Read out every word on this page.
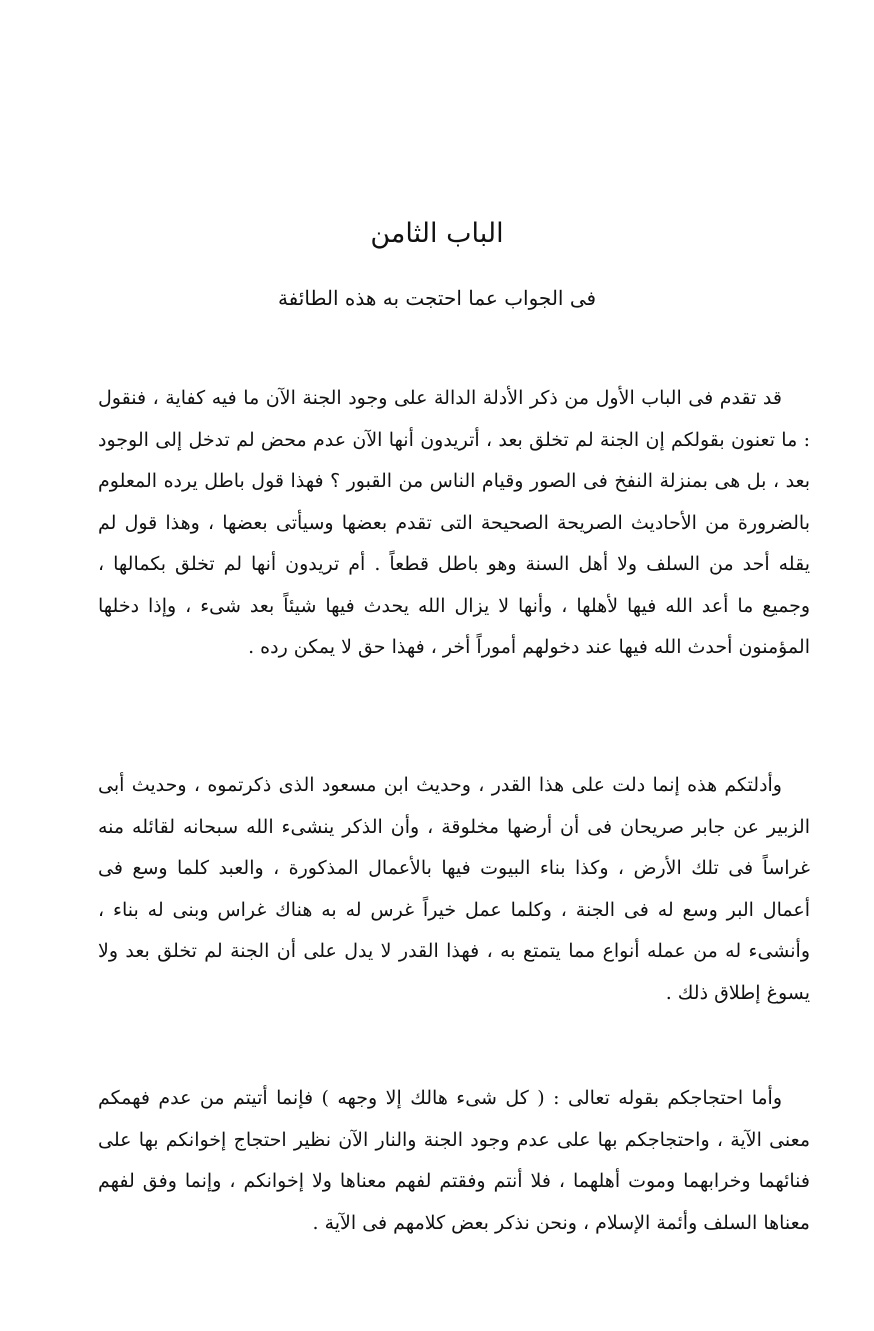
الباب الثامن
فى الجواب عما احتجت به هذه الطائفة

قد تقدم فى الباب الأول من ذكر الأدلة الدالة على وجود الجنة الآن ما فيه كفاية ، فنقول : ما تعنون بقولكم إن الجنة لم تخلق بعد ، أتريدون أنها الآن عدم محض لم تدخل إلى الوجود بعد ، بل هى بمنزلة النفخ فى الصور وقيام الناس من القبور ؟ فهذا قول باطل يرده المعلوم بالضرورة من الأحاديث الصريحة الصحيحة التى تقدم بعضها وسيأتى بعضها ، وهذا قول لم يقله أحد من السلف ولا أهل السنة وهو باطل قطعاً . أم تريدون أنها لم تخلق بكمالها ، وجميع ما أعد الله فيها لأهلها ، وأنها لا يزال الله يحدث فيها شيئاً بعد شىء ، وإذا دخلها المؤمنون أحدث الله فيها عند دخولهم أموراً أخر ، فهذا حق لا يمكن رده .

وأدلتكم هذه إنما دلت على هذا القدر ، وحديث ابن مسعود الذى ذكرتموه ، وحديث أبى الزبير عن جابر صريحان فى أن أرضها مخلوقة ، وأن الذكر ينشىء الله سبحانه لقائله منه غراساً فى تلك الأرض ، وكذا بناء البيوت فيها بالأعمال المذكورة ، والعبد كلما وسع فى أعمال البر وسع له فى الجنة ، وكلما عمل خيراً غرس له به هناك غراس وبنى له بناء ، وأنشىء له من عمله أنواع مما يتمتع به ، فهذا القدر لا يدل على أن الجنة لم تخلق بعد ولا يسوغ إطلاق ذلك .

وأما احتجاجكم بقوله تعالى : ( كل شىء هالك إلا وجهه ) فإنما أتيتم من عدم فهمكم معنى الآية ، واحتجاجكم بها على عدم وجود الجنة والنار الآن نظير احتجاج إخوانكم بها على فنائهما وخرابهما وموت أهلهما ، فلا أنتم وفقتم لفهم معناها ولا إخوانكم ، وإنما وفق لفهم معناها السلف وأئمة الإسلام ، ونحن نذكر بعض كلامهم فى الآية .
